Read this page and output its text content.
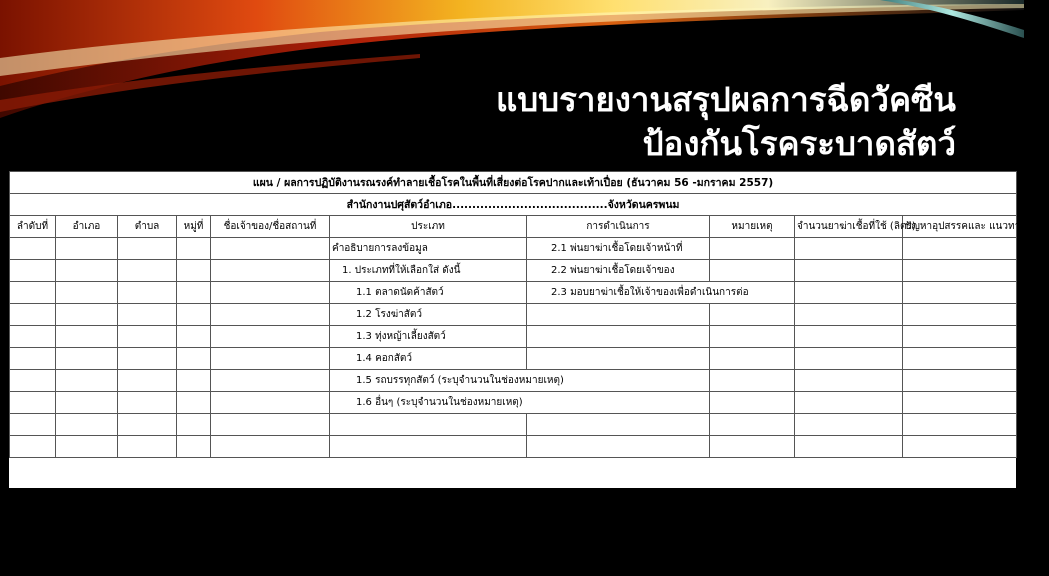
แบบรายงานสรุปผลการฉีดวัคซีน
ป้องกันโรคระบาดสัตว์
แผน / ผลการปฏิบัติงานรณรงค์ทำลายเชื้อโรคในพื้นที่เสี่ยงต่อโรคปากและเท้าเปื่อย (ธันวาคม 56 -มกราคม 2557)									
สำนักงานปศุสัตว์อำเภอ.......................................จังหวัดนครพนม									
ลำดับที่	อำเภอ	ตำบล	หมู่ที่	ชื่อเจ้าของ/ชื่อสถานที่	ประเภท	การดำเนินการ	หมายเหตุ	จำนวนยาฆ่าเชื้อที่ใช้ (ลิตร)	ปัญหาอุปสรรคและ แนวทางแก้ไข
					คำอธิบายการลงข้อมูล	2.1 พ่นยาฆ่าเชื้อโดยเจ้าหน้าที่			
					1. ประเภทที่ให้เลือกใส่ ดังนี้	2.2 พ่นยาฆ่าเชื้อโดยเจ้าของ			
					1.1 ตลาดนัดค้าสัตว์	2.3 มอบยาฆ่าเชื้อให้เจ้าของเพื่อดำเนินการต่อ			
					1.2 โรงฆ่าสัตว์				
					1.3 ทุ่งหญ้าเลี้ยงสัตว์				
					1.4 คอกสัตว์				
					1.5 รถบรรทุกสัตว์ (ระบุจำนวนในช่องหมายเหตุ)				
					1.6 อื่นๆ (ระบุจำนวนในช่องหมายเหตุ)				
